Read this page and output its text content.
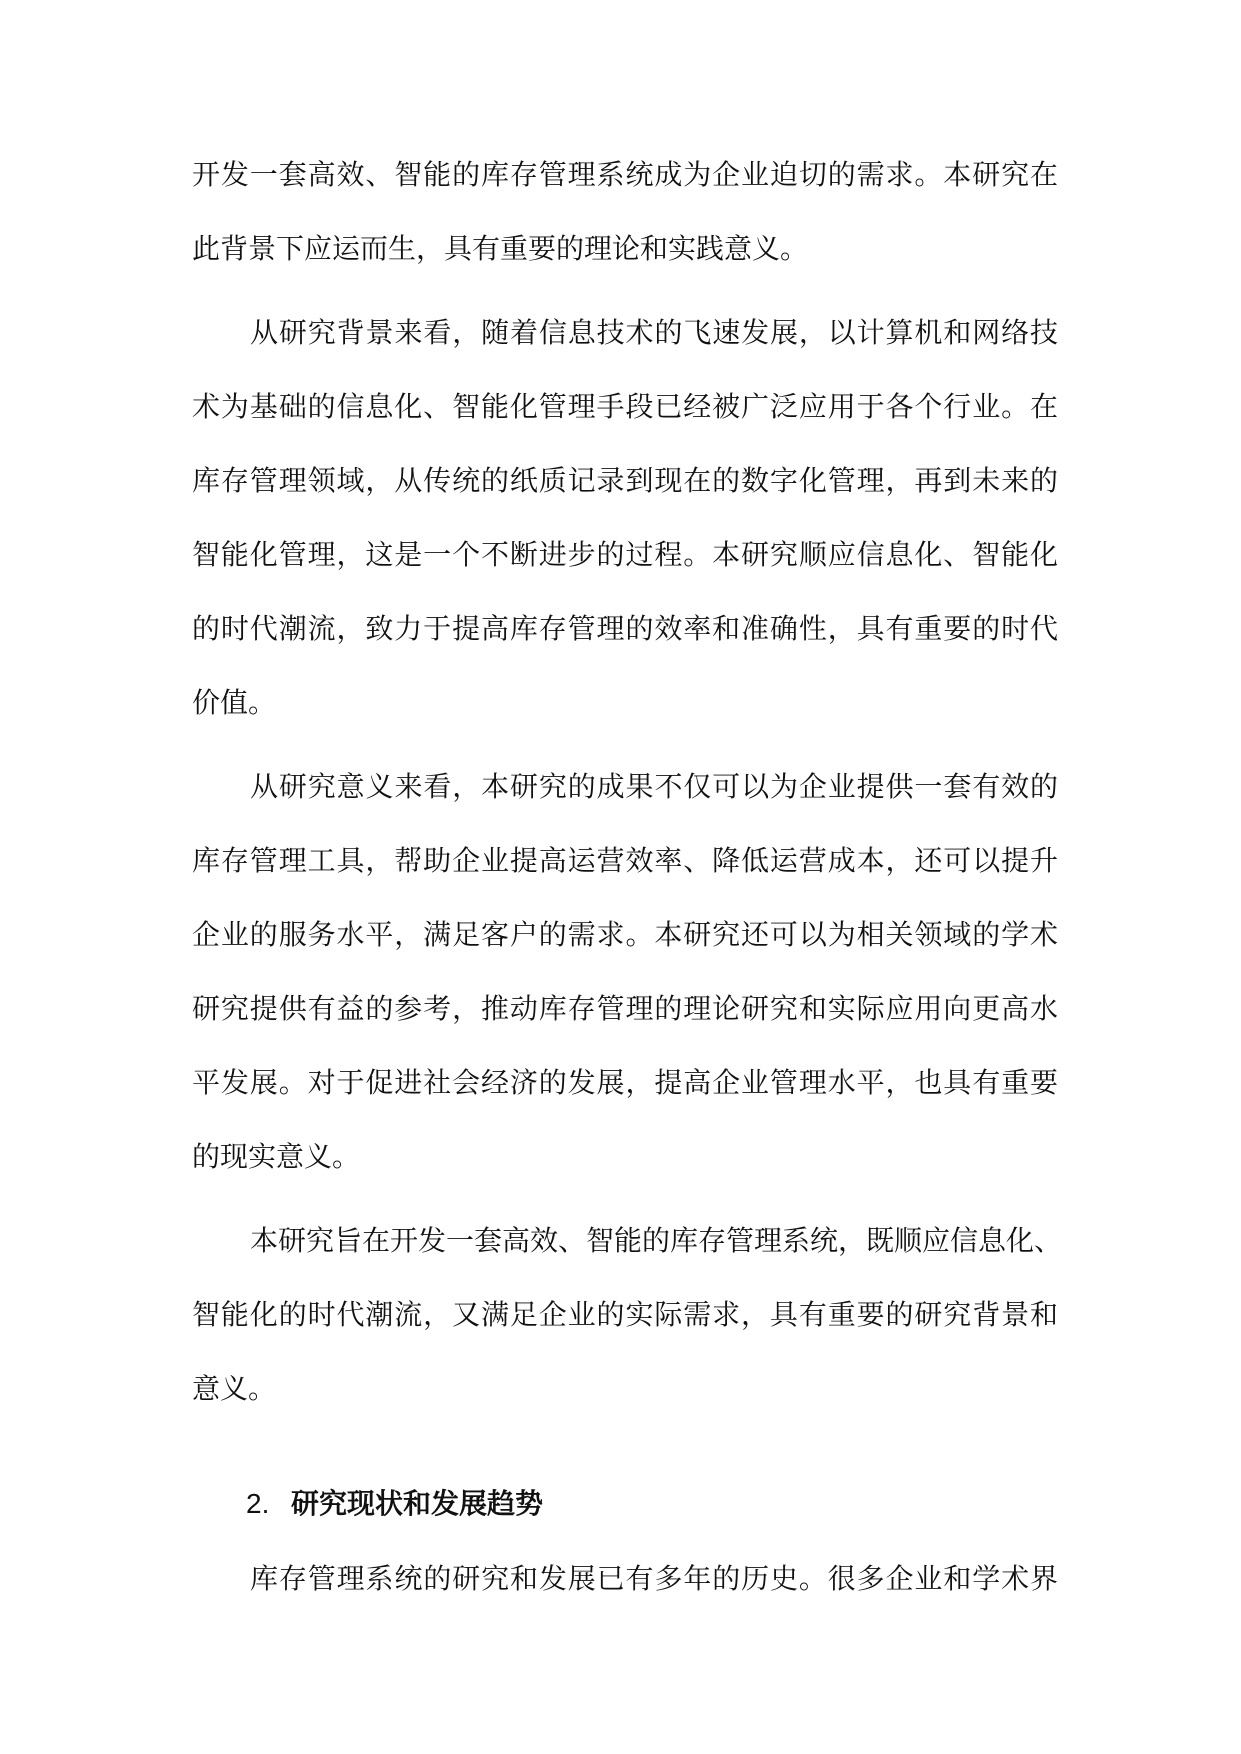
开发一套高效、智能的库存管理系统成为企业迫切的需求。本研究在
此背景下应运而生，具有重要的理论和实践意义。
从研究背景来看，随着信息技术的飞速发展，以计算机和网络技
术为基础的信息化、智能化管理手段已经被广泛应用于各个行业。在
库存管理领域，从传统的纸质记录到现在的数字化管理，再到未来的
智能化管理，这是一个不断进步的过程。本研究顺应信息化、智能化
的时代潮流，致力于提高库存管理的效率和准确性，具有重要的时代
价值。
从研究意义来看，本研究的成果不仅可以为企业提供一套有效的
库存管理工具，帮助企业提高运营效率、降低运营成本，还可以提升
企业的服务水平，满足客户的需求。本研究还可以为相关领域的学术
研究提供有益的参考，推动库存管理的理论研究和实际应用向更高水
平发展。对于促进社会经济的发展，提高企业管理水平，也具有重要
的现实意义。
本研究旨在开发一套高效、智能的库存管理系统，既顺应信息化、
智能化的时代潮流，又满足企业的实际需求，具有重要的研究背景和
意义。
2. 研究现状和发展趋势
库存管理系统的研究和发展已有多年的历史。很多企业和学术界
